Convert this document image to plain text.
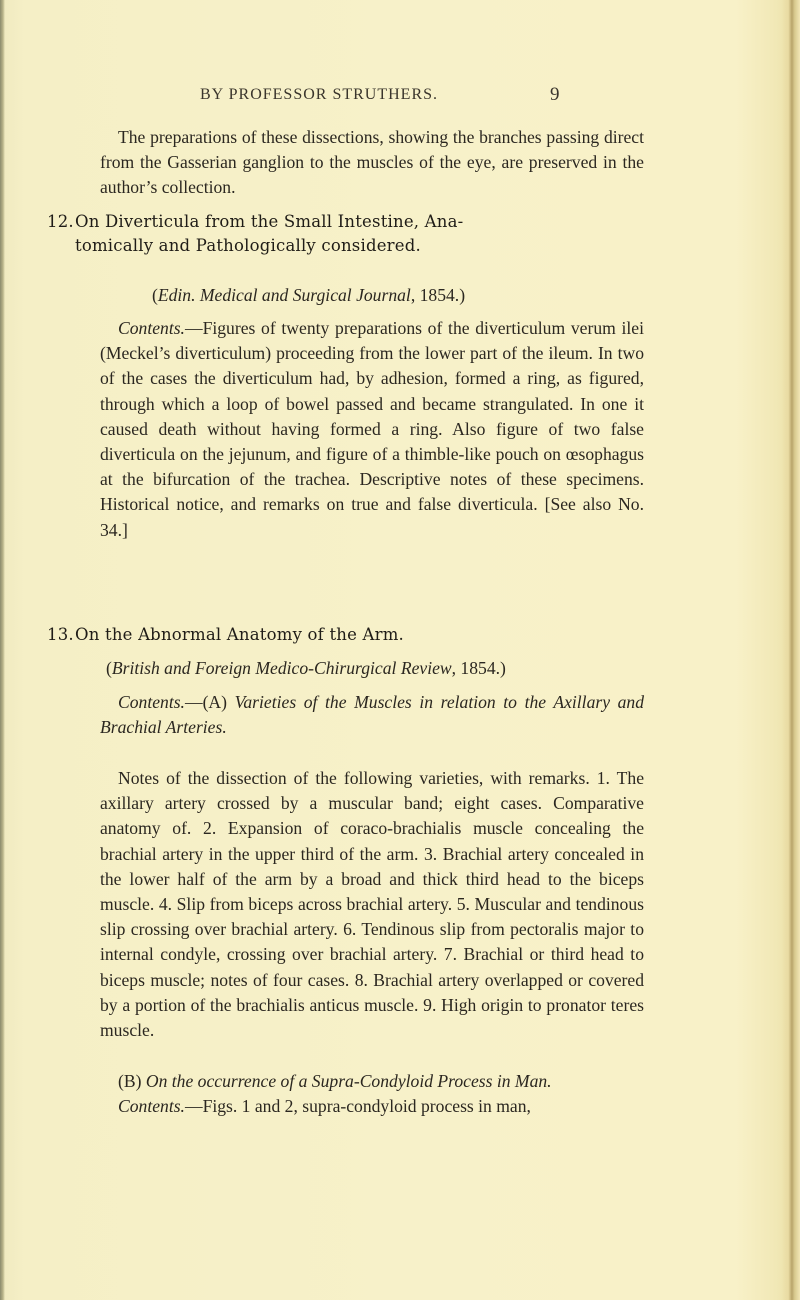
BY PROFESSOR STRUTHERS.	9

The preparations of these dissections, showing the branches passing direct from the Gasserian ganglion to the muscles of the eye, are preserved in the author’s collection.

12.On Diverticula from the Small Intestine, Ana-
tomically and Pathologically considered.
(Edin. Medical and Surgical Journal, 1854.)

Contents.—Figures of twenty preparations of the diverticulum verum ilei (Meckel’s diverticulum) proceeding from the lower part of the ileum. In two of the cases the diverticulum had, by adhesion, formed a ring, as figured, through which a loop of bowel passed and became strangulated. In one it caused death without having formed a ring. Also figure of two false diverticula on the jejunum, and figure of a thimble-like pouch on œsophagus at the bifurcation of the trachea. Descriptive notes of these specimens. Historical notice, and remarks on true and false diverticula. [See also No. 34.]

13.On the Abnormal Anatomy of the Arm.
(British and Foreign Medico-Chirurgical Review, 1854.)

Contents.—(A) Varieties of the Muscles in relation to the Axillary and Brachial Arteries.

Notes of the dissection of the following varieties, with remarks. 1. The axillary artery crossed by a muscular band; eight cases. Comparative anatomy of. 2. Expansion of coraco-brachialis muscle concealing the brachial artery in the upper third of the arm. 3. Brachial artery concealed in the lower half of the arm by a broad and thick third head to the biceps muscle. 4. Slip from biceps across brachial artery. 5. Muscular and tendinous slip crossing over brachial artery. 6. Tendinous slip from pectoralis major to internal condyle, crossing over brachial artery. 7. Brachial or third head to biceps muscle; notes of four cases. 8. Brachial artery overlapped or covered by a portion of the brachialis anticus muscle. 9. High origin to pronator teres muscle.

(B) On the occurrence of a Supra-Condyloid Process in Man.

Contents.—Figs. 1 and 2, supra-condyloid process in man,
